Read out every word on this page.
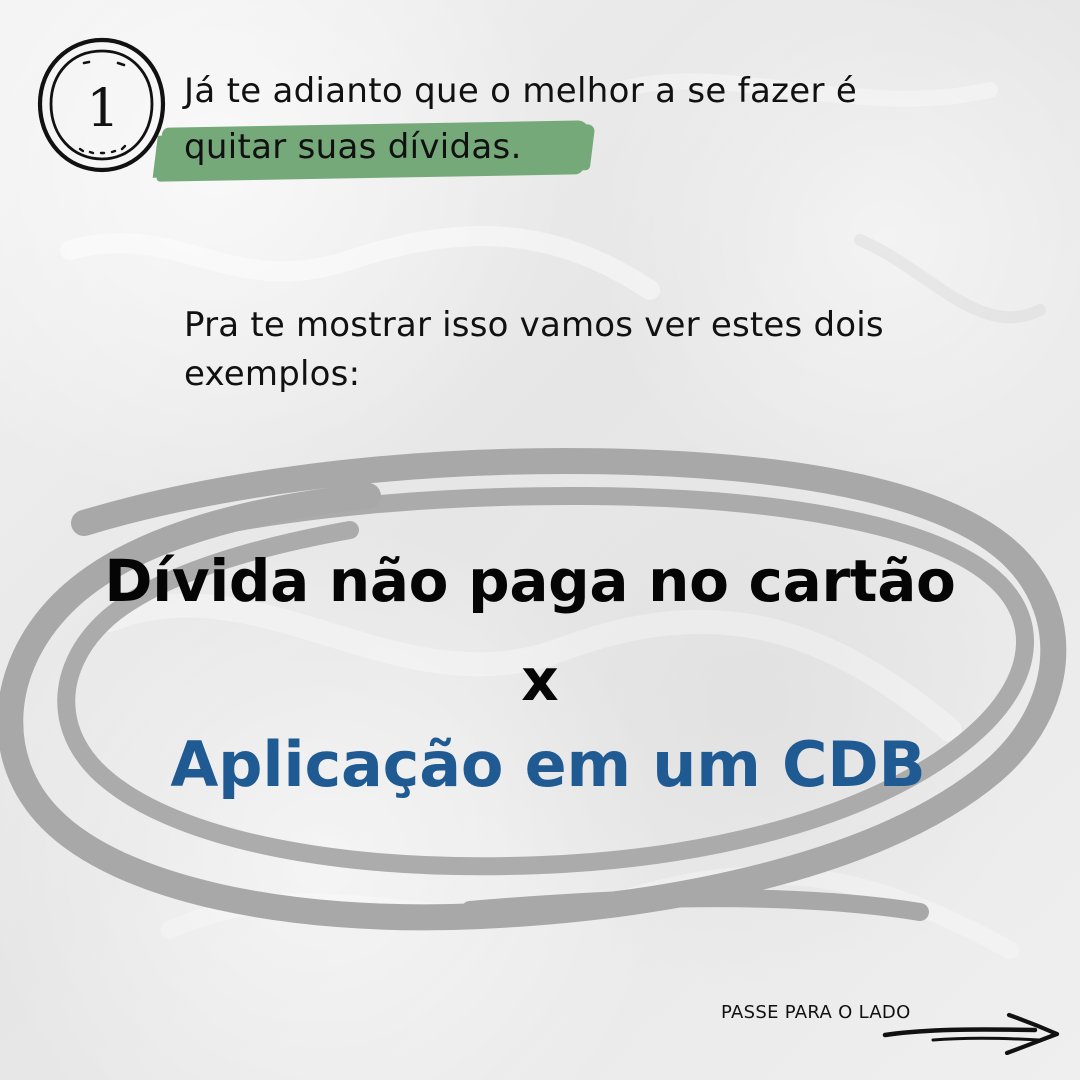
1 Já te adianto que o melhor a se fazer é
quitar suas dívidas.
Pra te mostrar isso vamos ver estes dois exemplos:
Dívida não paga no cartão
x
Aplicação em um CDB
PASSE PARA O LADO
